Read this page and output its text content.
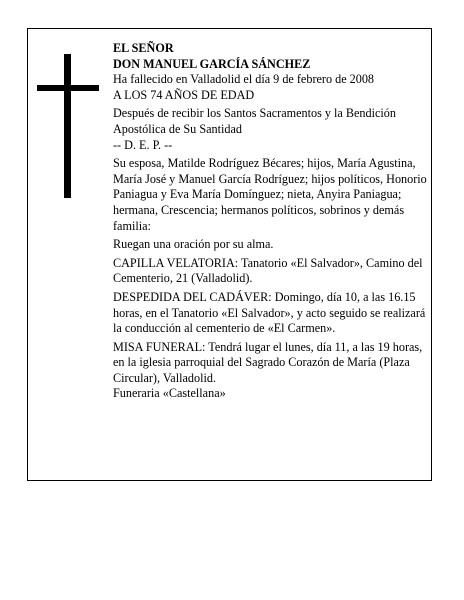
EL SEÑOR

DON MANUEL GARCÍA SÁNCHEZ

Ha fallecido en Valladolid el día 9 de febrero de 2008

A LOS 74 AÑOS DE EDAD

Después de recibir los Santos Sacramentos y la Bendición Apostólica de Su Santidad

-- D. E. P. --

Su esposa, Matilde Rodríguez Bécares; hijos, María Agustina, María José y Manuel García Rodríguez; hijos políticos, Honorio Paniagua y Eva María Domínguez; nieta, Anyira Paniagua; hermana, Crescencia; hermanos políticos, sobrinos y demás familia:

Ruegan una oración por su alma.

CAPILLA VELATORIA: Tanatorio «El Salvador», Camino del Cementerio, 21 (Valladolid).

DESPEDIDA DEL CADÁVER: Domingo, día 10, a las 16.15 horas, en el Tanatorio «El Salvador», y acto seguido se realizará la conducción al cementerio de «El Carmen».

MISA FUNERAL: Tendrá lugar el lunes, día 11, a las 19 horas, en la iglesia parroquial del Sagrado Corazón de María (Plaza Circular), Valladolid.

Funeraria «Castellana»
